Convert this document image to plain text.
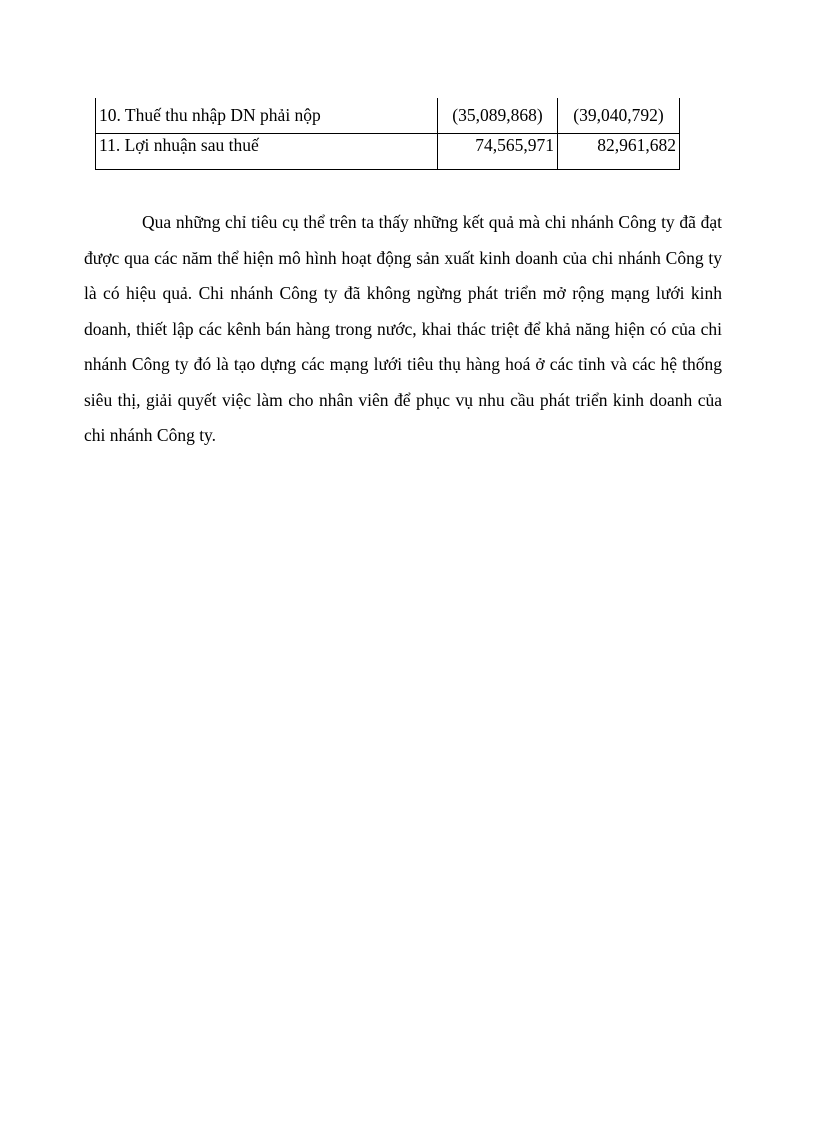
10. Thuế thu nhập DN phải nộp	(35,089,868)	(39,040,792)
11. Lợi nhuận sau thuế	74,565,971	82,961,682

Qua những chỉ tiêu cụ thể trên ta thấy những kết quả mà chi nhánh Công ty đã đạt được qua các năm thể hiện mô hình hoạt động sản xuất kinh doanh của chi nhánh Công ty là có hiệu quả. Chi nhánh Công ty đã không ngừng phát triển mở rộng mạng lưới kinh doanh, thiết lập các kênh bán hàng trong nước, khai thác triệt để khả năng hiện có của chi nhánh Công ty đó là tạo dựng các mạng lưới tiêu thụ hàng hoá ở các tỉnh và các hệ thống siêu thị, giải quyết việc làm cho nhân viên để phục vụ nhu cầu phát triển kinh doanh của chi nhánh Công ty.
